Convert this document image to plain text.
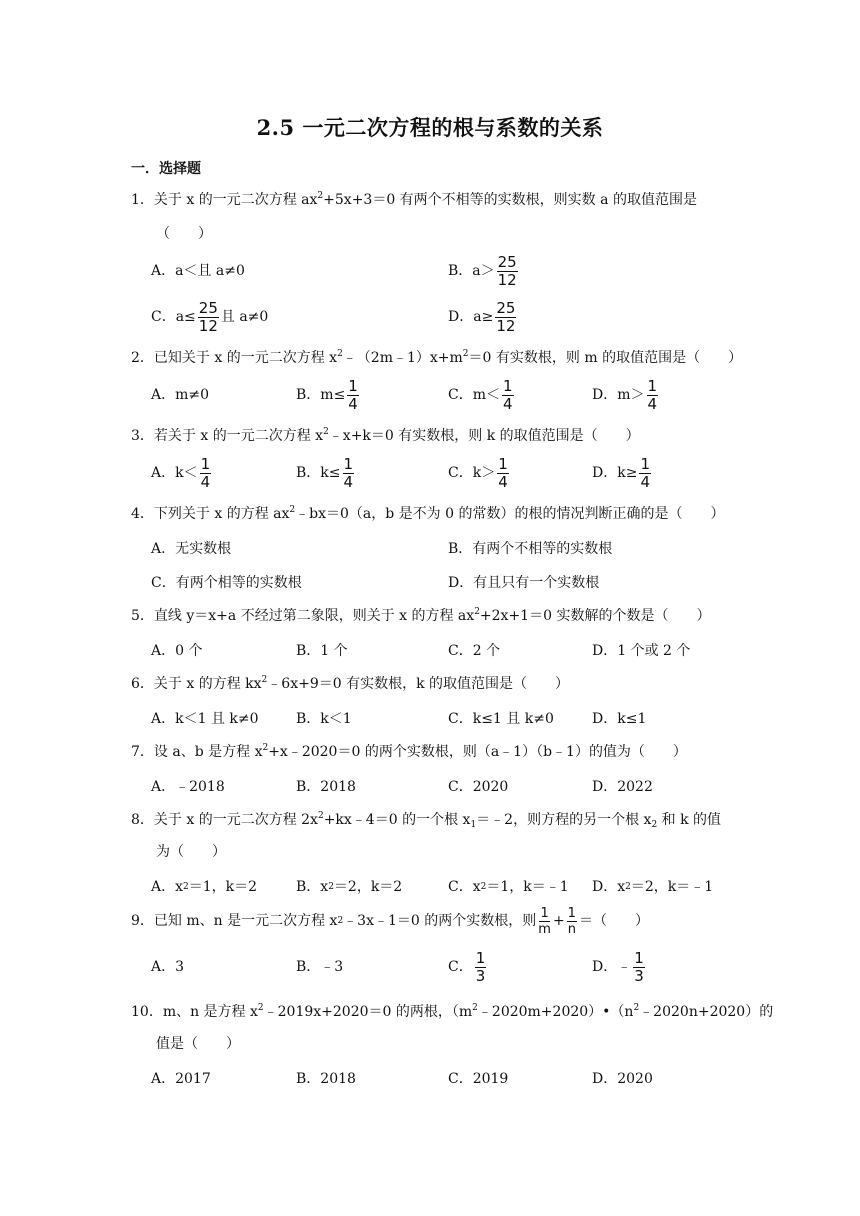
2.5 一元二次方程的根与系数的关系
一．选择题
1．关于 x 的一元二次方程 $ax^2+5x+3=0$ 有两个不相等的实数根，则实数 a 的取值范围是
（　　）
A．a＜且 a≠0	B．$a> \frac{25}{12}$
C．$a\le \frac{25}{12}$ 且 a≠0	D．$a\ge \frac{25}{12}$
2．已知关于 x 的一元二次方程 $x^2﹣(2m﹣1)x+m^2=0$ 有实数根，则 m 的取值范围是（　　）
A．m≠0	B．$m\le \frac{1}{4}$	C．$m< \frac{1}{4}$	D．$m> \frac{1}{4}$
3．若关于 x 的一元二次方程 $x^2﹣x+k=0$ 有实数根，则 k 的取值范围是（　　）
A．$k< \frac{1}{4}$	B．$k\le \frac{1}{4}$	C．$k> \frac{1}{4}$	D．$k\ge \frac{1}{4}$
4．下列关于 x 的方程 $ax^2﹣bx=0(a$，b 是不为 0 的常数）的根的情况判断正确的是（　　）
A．无实数根	B．有两个不相等的实数根
C．有两个相等的实数根	D．有且只有一个实数根
5．直线 y＝x+a 不经过第二象限，则关于 x 的方程 $ax^2+2x+1=0$ 实数解的个数是（　　）
A．0 个	B．1 个	C．2 个	D．1 个或 2 个
6．关于 x 的方程 $kx^2﹣6x+9=0$ 有实数根，k 的取值范围是（　　）
A．k＜1 且 k≠0	B．k＜1	C．k≤1 且 k≠0	D．k≤1
7．设 a、b 是方程 $x^2+x﹣2020=0$ 的两个实数根，则（a﹣1）（b﹣1）的值为（　　）
A．﹣2018	B．2018	C．2020	D．2022
8．关于 x 的一元二次方程 $2x^2+kx﹣4=0$ 的一个根 $x_1=﹣2$，则方程的另一个根 $x_2$ 和 k 的值
为（　　）
A．x 2 ＝1，k＝2	B．x 2 ＝2，k＝2	C．x 2 ＝1，k＝﹣1 D．x 2 ＝2，k＝﹣1
9．已知 m、n 是一元二次方程 x 2 ﹣3x﹣1＝0 的两个实数根，则 $\frac{1}{m} + \frac{1}{n}$ ＝（　　）
A．3	B．﹣3	C． $\frac{1}{3}$	D．﹣ $\frac{1}{3}$
10．m、n 是方程 $x^2﹣2019x+2020=0$ 的两根，$(m^2﹣2020m+2020)•(n^2﹣2020n+2020)$的
值是（　　）
A．2017	B．2018	C．2019	D．2020
